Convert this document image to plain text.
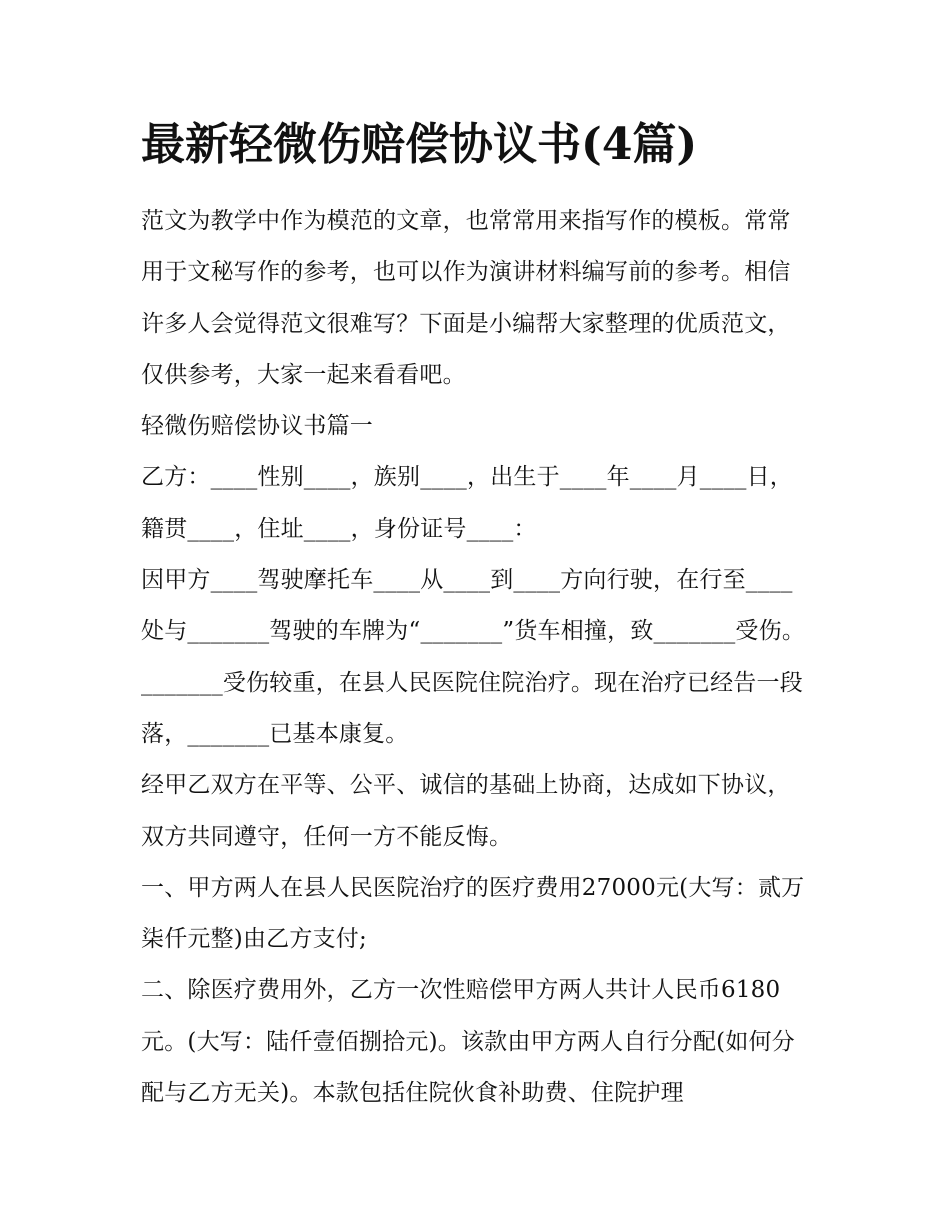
最新轻微伤赔偿协议书(4篇)

范文为教学中作为模范的文章，也常常用来指写作的模板。常常用于文秘写作的参考，也可以作为演讲材料编写前的参考。相信许多人会觉得范文很难写？下面是小编帮大家整理的优质范文，仅供参考，大家一起来看看吧。

轻微伤赔偿协议书篇一

乙方：____性别____，族别____，出生于____年____月____日，籍贯____，住址____，身份证号____：

因甲方____驾驶摩托车____从____到____方向行驶，在行至____处与_______驾驶的车牌为“_______”货车相撞，致_______受伤。_______受伤较重，在县人民医院住院治疗。现在治疗已经告一段落，_______已基本康复。

经甲乙双方在平等、公平、诚信的基础上协商，达成如下协议，双方共同遵守，任何一方不能反悔。

一、甲方两人在县人民医院治疗的医疗费用27000元(大写：贰万柒仟元整)由乙方支付;

二、除医疗费用外，乙方一次性赔偿甲方两人共计人民币6180元。(大写：陆仟壹佰捌拾元)。该款由甲方两人自行分配(如何分配与乙方无关)。本款包括住院伙食补助费、住院护理
